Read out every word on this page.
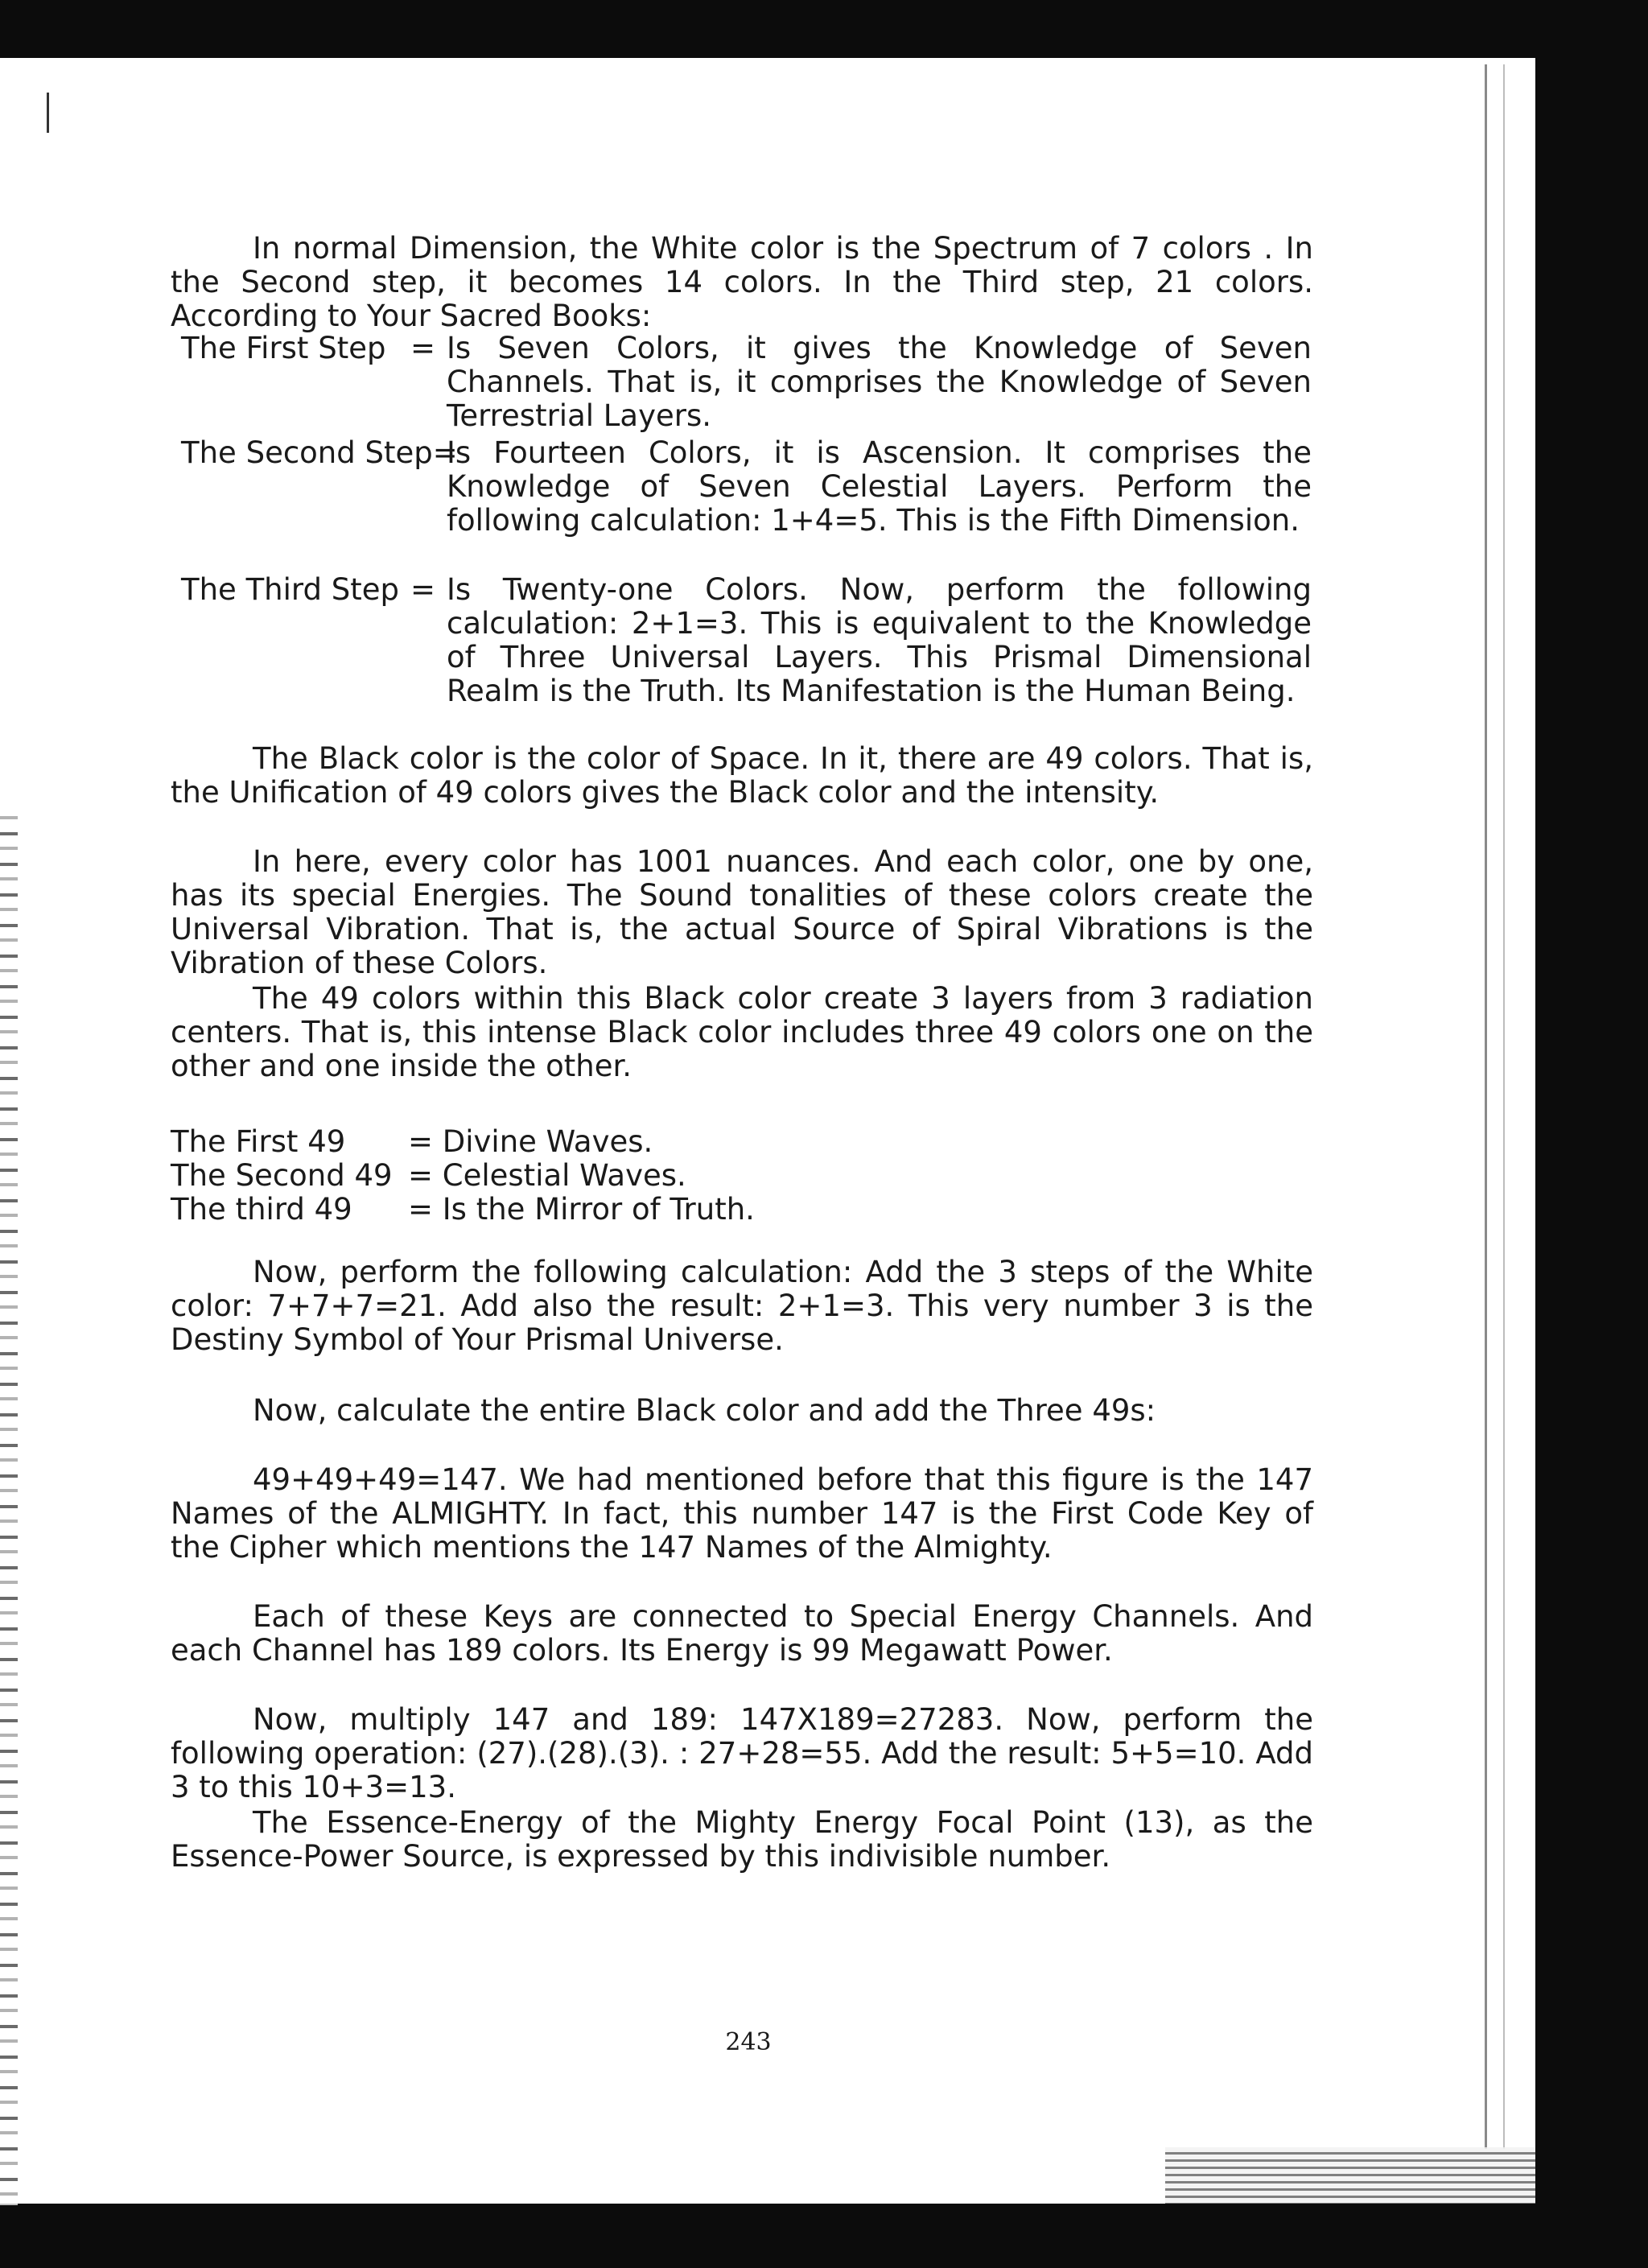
In normal Dimension, the White color is the Spectrum of 7 colors . In the Second step, it becomes 14 colors. In the Third step, 21 colors. According to Your Sacred Books:

The First Step = Is Seven Colors, it gives the Knowledge of Seven Channels. That is, it comprises the Knowledge of Seven Terrestrial Layers.
The Second Step=
Is Fourteen Colors, it is Ascension. It comprises the Knowledge of Seven Celestial Layers. Perform the following calculation: 1+4=5. This is the Fifth Dimension.
The Third Step = Is Twenty-one Colors. Now, perform the following calculation: 2+1=3. This is equivalent to the Knowledge of Three Universal Layers. This Prismal Dimensional Realm is the Truth. Its Manifestation is the Human Being.

The Black color is the color of Space. In it, there are 49 colors. That is, the Unification of 49 colors gives the Black color and the intensity.

In here, every color has 1001 nuances. And each color, one by one, has its special Energies. The Sound tonalities of these colors create the Universal Vibration. That is, the actual Source of Spiral Vibrations is the Vibration of these Colors.

The 49 colors within this Black color create 3 layers from 3 radiation centers. That is, this intense Black color includes three 49 colors one on the other and one inside the other.

The First 49 = Divine Waves.
The Second 49 = Celestial Waves.
The third 49 = Is the Mirror of Truth.

Now, perform the following calculation: Add the 3 steps of the White color: 7+7+7=21. Add also the result: 2+1=3. This very number 3 is the Destiny Symbol of Your Prismal Universe.

Now, calculate the entire Black color and add the Three 49s:

49+49+49=147. We had mentioned before that this figure is the 147 Names of the ALMIGHTY. In fact, this number 147 is the First Code Key of the Cipher which mentions the 147 Names of the Almighty.

Each of these Keys are connected to Special Energy Channels. And each Channel has 189 colors. Its Energy is 99 Megawatt Power.

Now, multiply 147 and 189: 147X189=27283. Now, perform the following operation: (27).(28).(3). : 27+28=55. Add the result: 5+5=10. Add 3 to this 10+3=13.

The Essence-Energy of the Mighty Energy Focal Point (13), as the Essence-Power Source, is expressed by this indivisible number.

243
